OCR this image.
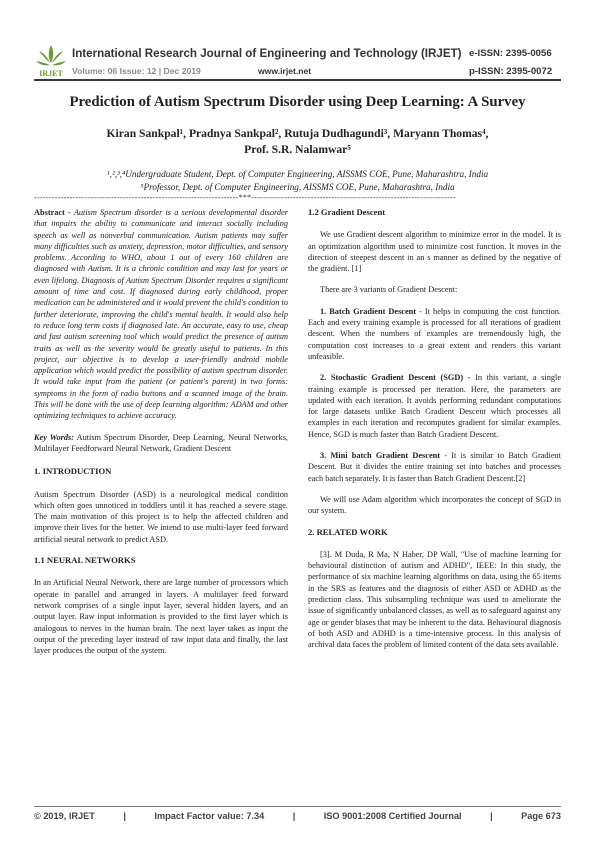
IRJET
International Research Journal of Engineering and Technology (IRJET) e-ISSN: 2395-0056
Volume: 06 Issue: 12 | Dec 2019	www.irjet.net	p-ISSN: 2395-0072
Prediction of Autism Spectrum Disorder using Deep Learning: A Survey
Kiran Sankpal¹, Pradnya Sankpal², Rutuja Dudhagundi³, Maryann Thomas⁴,
Prof. S.R. Nalamwar⁵
¹,²,³,⁴Undergraduate Student, Dept. of Computer Engineering, AISSMS COE, Pune, Maharashtra, India
⁵Professor, Dept. of Computer Engineering, AISSMS COE, Pune, Maharashtra, India
---------------------------------------------------------------------***---------------------------------------------------------------------

Abstract - Autism Spectrum disorder is a serious developmental disorder that impairs the ability to communicate and interact socially including speech as well as nonverbal communication. Autism patients may suffer many difficulties such as anxiety, depression, motor difficulties, and sensory problems. According to WHO, about 1 out of every 160 children are diagnosed with Autism. It is a chronic condition and may last for years or even lifelong. Diagnosis of Autism Spectrum Disorder requires a significant amount of time and cost. If diagnosed during early childhood, proper medication can be administered and it would prevent the child's condition to further deteriorate, improving the child's mental health. It would also help to reduce long term costs if diagnosed late. An accurate, easy to use, cheap and fast autism screening tool which would predict the presence of autism traits as well as the severity would be greatly useful to patients. In this project, our objective is to develop a user-friendly android mobile application which would predict the possibility of autism spectrum disorder. It would take input from the patient (or patient's parent) in two forms: symptoms in the form of radio buttons and a scanned image of the brain. This will be done with the use of deep learning algorithm: ADAM and other optimizing techniques to achieve accuracy.

Key Words: Autism Spectrum Disorder, Deep Learning, Neural Networks, Multilayer Feedforward Neural Network, Gradient Descent

1. INTRODUCTION

Autism Spectrum Disorder (ASD) is a neurological medical condition which often goes unnoticed in toddlers until it has reached a severe stage. The main motivation of this project is to help the affected children and improve their lives for the better. We intend to use multi-layer feed forward artificial neural network to predict ASD.

1.1 NEURAL NETWORKS

In an Artificial Neural Network, there are large number of processors which operate in parallel and arranged in layers. A multilayer feed forward network comprises of a single input layer, several hidden layers, and an output layer. Raw input information is provided to the first layer which is analogous to nerves in the human brain. The next layer takes as input the output of the preceding layer instead of raw input data and finally, the last layer produces the output of the system.

1.2 Gradient Descent

We use Gradient descent algorithm to minimize error in the model. It is an optimization algorithm used to minimize cost function. It moves in the direction of steepest descent in an s manner as defined by the negative of the gradient. [1]

There are 3 variants of Gradient Descent:

1. Batch Gradient Descent - It helps in computing the cost function. Each and every training example is processed for all iterations of gradient descent. When the numbers of examples are tremendously high, the computation cost increases to a great extent and renders this variant unfeasible.

2. Stochastic Gradient Descent (SGD) - In this variant, a single training example is processed per iteration. Here, the parameters are updated with each iteration. It avoids performing redundant computations for large datasets unlike Batch Gradient Descent which processes all examples in each iteration and recomputes gradient for similar examples. Hence, SGD is much faster than Batch Gradient Descent.

3. Mini batch Gradient Descent - It is similar to Batch Gradient Descent. But it divides the entire training set into batches and processes each batch separately. It is faster than Batch Gradient Descent.[2]

We will use Adam algorithm which incorporates the concept of SGD in our system.

2. RELATED WORK

[3]. M Duda, R Ma, N Haber, DP Wall, "Use of machine learning for behavioural distinction of autism and ADHD", IEEE: In this study, the performance of six machine learning algorithms on data, using the 65 items in the SRS as features and the diagnosis of either ASD or ADHD as the prediction class. This subsampling technique was used to ameliorate the issue of significantly unbalanced classes, as well as to safeguard against any age or gender biases that may be inherent to the data. Behavioural diagnosis of both ASD and ADHD is a time-intensive process. In this analysis of archival data faces the problem of limited content of the data sets available.

© 2019, IRJET	|	Impact Factor value: 7.34	|	ISO 9001:2008 Certified Journal	|	Page 673
